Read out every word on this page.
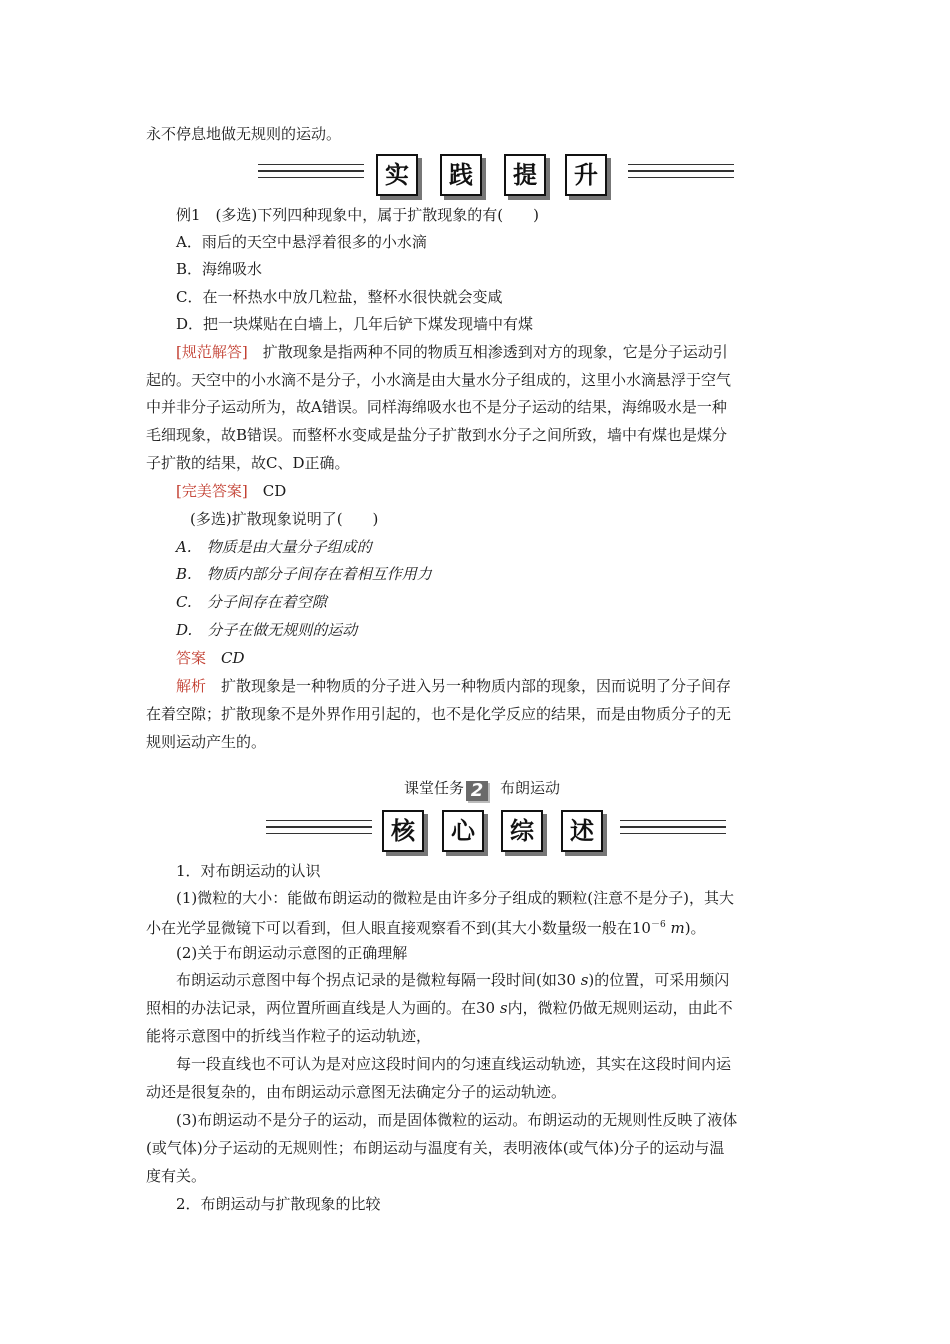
永不停息地做无规则的运动。
实	践	提	升
例1　(多选)下列四种现象中，属于扩散现象的有(　　)
A．雨后的天空中悬浮着很多的小水滴
B．海绵吸水
C．在一杯热水中放几粒盐，整杯水很快就会变咸
D．把一块煤贴在白墙上，几年后铲下煤发现墙中有煤
[规范解答]　扩散现象是指两种不同的物质互相渗透到对方的现象，它是分子运动引
起的。天空中的小水滴不是分子，小水滴是由大量水分子组成的，这里小水滴悬浮于空气
中并非分子运动所为，故A错误。同样海绵吸水也不是分子运动的结果，海绵吸水是一种
毛细现象，故B错误。而整杯水变咸是盐分子扩散到水分子之间所致，墙中有煤也是煤分
子扩散的结果，故C、D正确。
[完美答案]　CD
(多选)扩散现象说明了(　　)
A.　物质是由大量分子组成的
B.　物质内部分子间存在着相互作用力
C.　分子间存在着空隙
D.　分子在做无规则的运动
答案　CD
解析　扩散现象是一种物质的分子进入另一种物质内部的现象，因而说明了分子间存
在着空隙；扩散现象不是外界作用引起的，也不是化学反应的结果，而是由物质分子的无
规则运动产生的。
课堂任务 2 布朗运动
核	心	综	述
1．对布朗运动的认识
(1)微粒的大小：能做布朗运动的微粒是由许多分子组成的颗粒(注意不是分子)，其大
小在光学显微镜下可以看到，但人眼直接观察看不到(其大小数量级一般在$10^{-6}$ m)。
(2)关于布朗运动示意图的正确理解
布朗运动示意图中每个拐点记录的是微粒每隔一段时间(如30 s)的位置，可采用频闪
照相的办法记录，两位置所画直线是人为画的。在30 s内，微粒仍做无规则运动，由此不
能将示意图中的折线当作粒子的运动轨迹，
每一段直线也不可认为是对应这段时间内的匀速直线运动轨迹，其实在这段时间内运
动还是很复杂的，由布朗运动示意图无法确定分子的运动轨迹。
(3)布朗运动不是分子的运动，而是固体微粒的运动。布朗运动的无规则性反映了液体
(或气体)分子运动的无规则性；布朗运动与温度有关，表明液体(或气体)分子的运动与温
度有关。
2．布朗运动与扩散现象的比较
